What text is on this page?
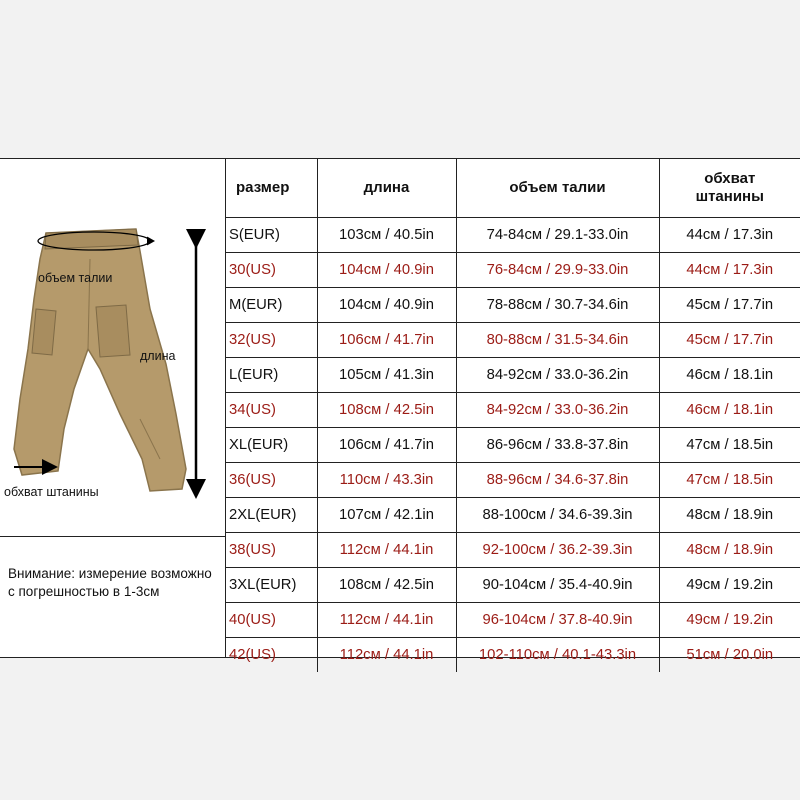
объем талии
длина
обхват штанины
Внимание: измерение возможно с погрешностью в 1-3см
размер	длина	объем талии	обхват
штанины
S(EUR)	103см / 40.5in	74-84см / 29.1-33.0in	44см / 17.3in
30(US)	104см / 40.9in	76-84см / 29.9-33.0in	44см / 17.3in
M(EUR)	104см / 40.9in	78-88см / 30.7-34.6in	45см / 17.7in
32(US)	106см / 41.7in	80-88см / 31.5-34.6in	45см / 17.7in
L(EUR)	105см / 41.3in	84-92см / 33.0-36.2in	46см / 18.1in
34(US)	108см / 42.5in	84-92см / 33.0-36.2in	46см / 18.1in
XL(EUR)	106см / 41.7in	86-96см / 33.8-37.8in	47см / 18.5in
36(US)	110см / 43.3in	88-96см / 34.6-37.8in	47см / 18.5in
2XL(EUR)	107см / 42.1in	88-100см / 34.6-39.3in	48см / 18.9in
38(US)	112см / 44.1in	92-100см / 36.2-39.3in	48см / 18.9in
3XL(EUR)	108см / 42.5in	90-104см / 35.4-40.9in	49см / 19.2in
40(US)	112см / 44.1in	96-104см / 37.8-40.9in	49см / 19.2in
42(US)	112см / 44.1in	102-110см / 40.1-43.3in	51см / 20.0in
